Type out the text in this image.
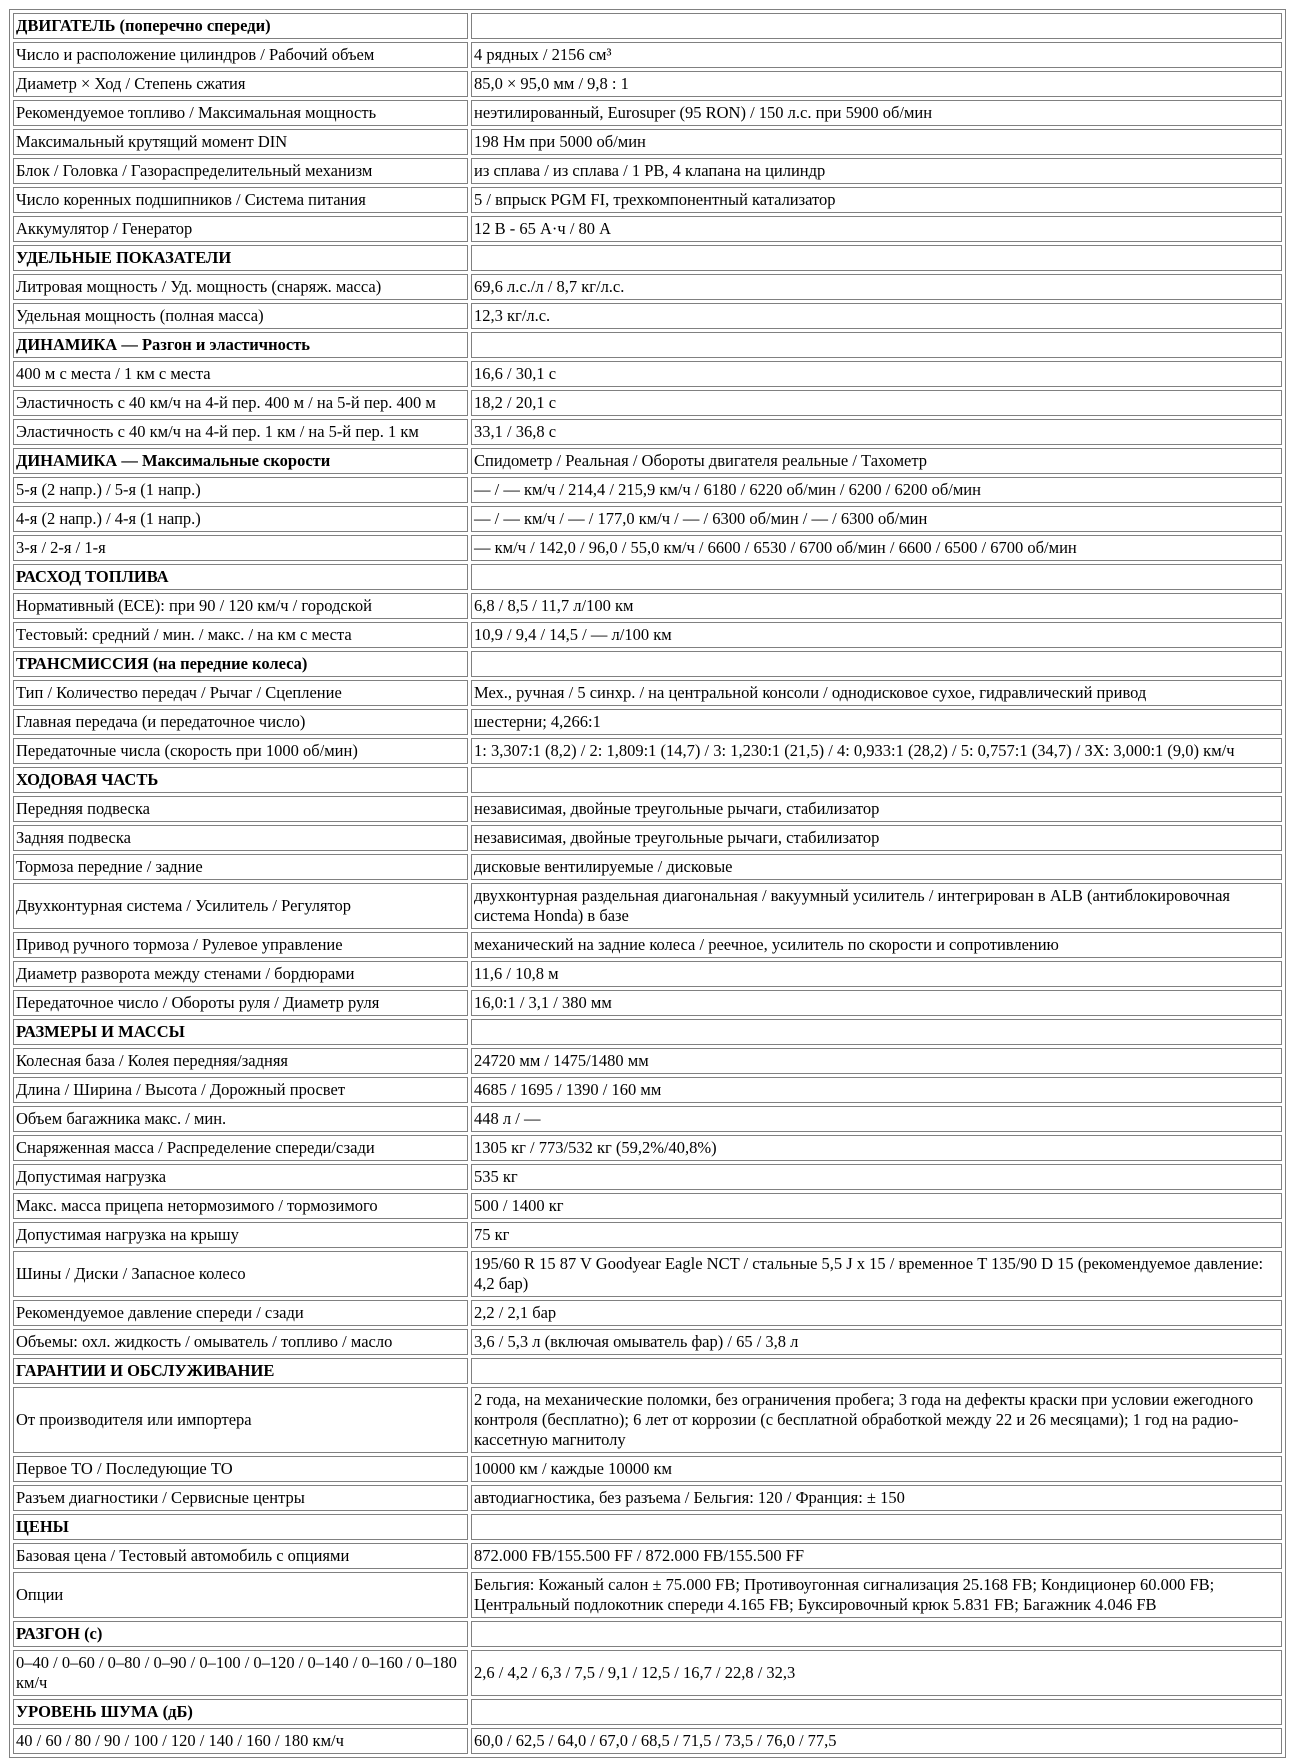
ДВИГАТЕЛЬ (поперечно спереди)	
Число и расположение цилиндров / Рабочий объем	4 рядных / 2156 см³
Диаметр × Ход / Степень сжатия	85,0 × 95,0 мм / 9,8 : 1
Рекомендуемое топливо / Максимальная мощность	неэтилированный, Eurosuper (95 RON) / 150 л.с. при 5900 об/мин
Максимальный крутящий момент DIN	198 Нм при 5000 об/мин
Блок / Головка / Газораспределительный механизм	из сплава / из сплава / 1 РВ, 4 клапана на цилиндр
Число коренных подшипников / Система питания	5 / впрыск PGM FI, трехкомпонентный катализатор
Аккумулятор / Генератор	12 В - 65 А·ч / 80 А
УДЕЛЬНЫЕ ПОКАЗАТЕЛИ	
Литровая мощность / Уд. мощность (снаряж. масса)	69,6 л.с./л / 8,7 кг/л.с.
Удельная мощность (полная масса)	12,3 кг/л.с.
ДИНАМИКА — Разгон и эластичность	
400 м с места / 1 км с места	16,6 / 30,1 с
Эластичность с 40 км/ч на 4-й пер. 400 м / на 5-й пер. 400 м	18,2 / 20,1 с
Эластичность с 40 км/ч на 4-й пер. 1 км / на 5-й пер. 1 км	33,1 / 36,8 с
ДИНАМИКА — Максимальные скорости	Спидометр / Реальная / Обороты двигателя реальные / Тахометр
5-я (2 напр.) / 5-я (1 напр.)	— / — км/ч / 214,4 / 215,9 км/ч / 6180 / 6220 об/мин / 6200 / 6200 об/мин
4-я (2 напр.) / 4-я (1 напр.)	— / — км/ч / — / 177,0 км/ч / — / 6300 об/мин / — / 6300 об/мин
3-я / 2-я / 1-я	— км/ч / 142,0 / 96,0 / 55,0 км/ч / 6600 / 6530 / 6700 об/мин / 6600 / 6500 / 6700 об/мин
РАСХОД ТОПЛИВА	
Нормативный (ECE): при 90 / 120 км/ч / городской	6,8 / 8,5 / 11,7 л/100 км
Тестовый: средний / мин. / макс. / на км с места	10,9 / 9,4 / 14,5 / — л/100 км
ТРАНСМИССИЯ (на передние колеса)	
Тип / Количество передач / Рычаг / Сцепление	Мех., ручная / 5 синхр. / на центральной консоли / однодисковое сухое, гидравлический привод
Главная передача (и передаточное число)	шестерни; 4,266:1
Передаточные числа (скорость при 1000 об/мин)	1: 3,307:1 (8,2) / 2: 1,809:1 (14,7) / 3: 1,230:1 (21,5) / 4: 0,933:1 (28,2) / 5: 0,757:1 (34,7) / ЗХ: 3,000:1 (9,0) км/ч
ХОДОВАЯ ЧАСТЬ	
Передняя подвеска	независимая, двойные треугольные рычаги, стабилизатор
Задняя подвеска	независимая, двойные треугольные рычаги, стабилизатор
Тормоза передние / задние	дисковые вентилируемые / дисковые
Двухконтурная система / Усилитель / Регулятор	двухконтурная раздельная диагональная / вакуумный усилитель / интегрирован в ALB (антиблокировочная система Honda) в базе
Привод ручного тормоза / Рулевое управление	механический на задние колеса / реечное, усилитель по скорости и сопротивлению
Диаметр разворота между стенами / бордюрами	11,6 / 10,8 м
Передаточное число / Обороты руля / Диаметр руля	16,0:1 / 3,1 / 380 мм
РАЗМЕРЫ И МАССЫ	
Колесная база / Колея передняя/задняя	24720 мм / 1475/1480 мм
Длина / Ширина / Высота / Дорожный просвет	4685 / 1695 / 1390 / 160 мм
Объем багажника макс. / мин.	448 л / —
Снаряженная масса / Распределение спереди/сзади	1305 кг / 773/532 кг (59,2%/40,8%)
Допустимая нагрузка	535 кг
Макс. масса прицепа нетормозимого / тормозимого	500 / 1400 кг
Допустимая нагрузка на крышу	75 кг
Шины / Диски / Запасное колесо	195/60 R 15 87 V Goodyear Eagle NCT / стальные 5,5 J x 15 / временное T 135/90 D 15 (рекомендуемое давление: 4,2 бар)
Рекомендуемое давление спереди / сзади	2,2 / 2,1 бар
Объемы: охл. жидкость / омыватель / топливо / масло	3,6 / 5,3 л (включая омыватель фар) / 65 / 3,8 л
ГАРАНТИИ И ОБСЛУЖИВАНИЕ	
От производителя или импортера	2 года, на механические поломки, без ограничения пробега; 3 года на дефекты краски при условии ежегодного контроля (бесплатно); 6 лет от коррозии (с бесплатной обработкой между 22 и 26 месяцами); 1 год на радио-кассетную магнитолу
Первое ТО / Последующие ТО	10000 км / каждые 10000 км
Разъем диагностики / Сервисные центры	автодиагностика, без разъема / Бельгия: 120 / Франция: ± 150
ЦЕНЫ	
Базовая цена / Тестовый автомобиль с опциями	872.000 FB/155.500 FF / 872.000 FB/155.500 FF
Опции	Бельгия: Кожаный салон ± 75.000 FB; Противоугонная сигнализация 25.168 FB; Кондиционер 60.000 FB; Центральный подлокотник спереди 4.165 FB; Буксировочный крюк 5.831 FB; Багажник 4.046 FB
РАЗГОН (с)	
0–40 / 0–60 / 0–80 / 0–90 / 0–100 / 0–120 / 0–140 / 0–160 / 0–180 км/ч	2,6 / 4,2 / 6,3 / 7,5 / 9,1 / 12,5 / 16,7 / 22,8 / 32,3
УРОВЕНЬ ШУМА (дБ)	
40 / 60 / 80 / 90 / 100 / 120 / 140 / 160 / 180 км/ч	60,0 / 62,5 / 64,0 / 67,0 / 68,5 / 71,5 / 73,5 / 76,0 / 77,5
